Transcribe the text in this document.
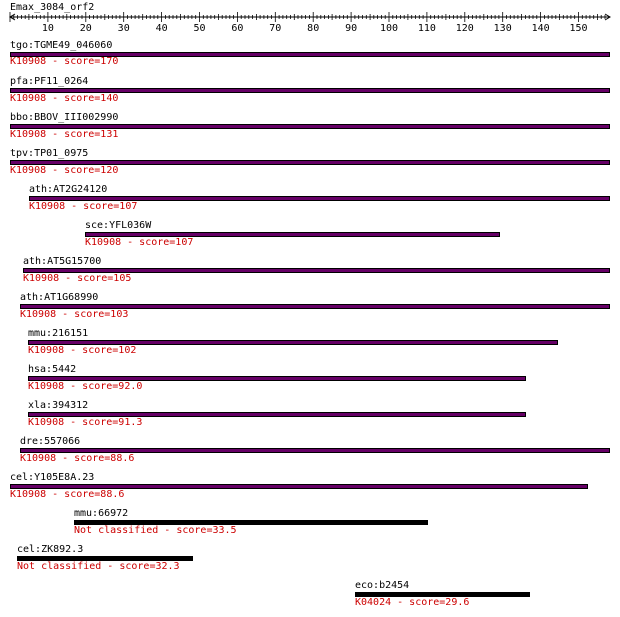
Emax_3084_orf2
10	20	30	40	50	60	70	80	90 100 110 120 130 140 150
tgo:TGME49_046060
K10908 - score=170
pfa:PF11_0264
K10908 - score=140
bbo:BBOV_III002990
K10908 - score=131
tpv:TP01_0975
K10908 - score=120
ath:AT2G24120
K10908 - score=107
sce:YFL036W
K10908 - score=107
ath:AT5G15700
K10908 - score=105
ath:AT1G68990
K10908 - score=103
mmu:216151
K10908 - score=102
hsa:5442
K10908 - score=92.0
xla:394312
K10908 - score=91.3
dre:557066
K10908 - score=88.6
cel:Y105E8A.23
K10908 - score=88.6
mmu:66972
Not classified - score=33.5
cel:ZK892.3
Not classified - score=32.3
eco:b2454
K04024 - score=29.6
